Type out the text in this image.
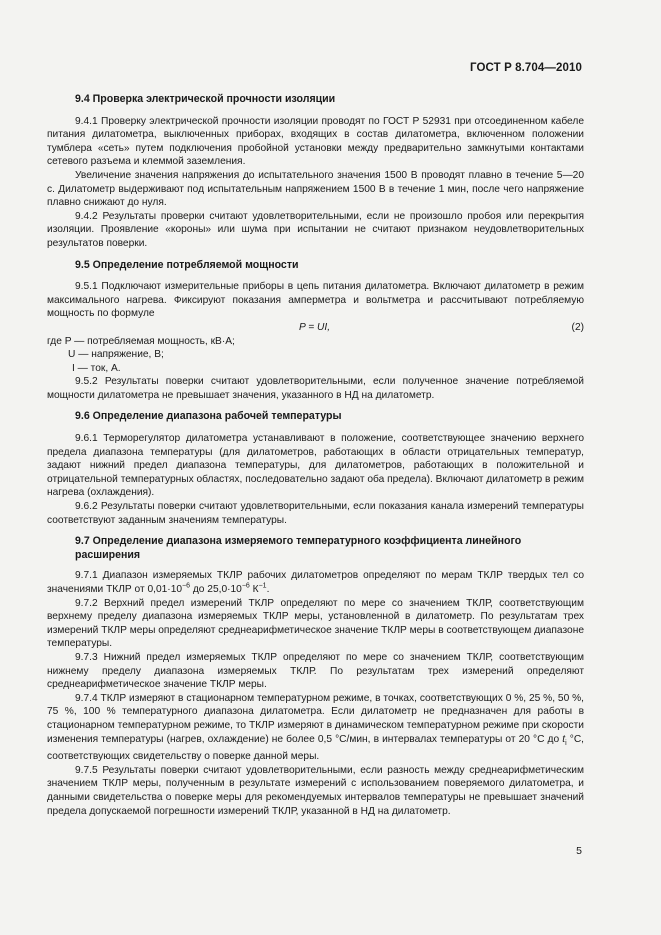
ГОСТ Р 8.704—2010
9.4 Проверка электрической прочности изоляции

9.4.1 Проверку электрической прочности изоляции проводят по ГОСТ Р 52931 при отсоединенном кабеле питания дилатометра, выключенных приборах, входящих в состав дилатометра, включенном положении тумблера «сеть» путем подключения пробойной установки между предварительно замкнутыми контактами сетевого разъема и клеммой заземления.

Увеличение значения напряжения до испытательного значения 1500 В проводят плавно в течение 5—20 с. Дилатометр выдерживают под испытательным напряжением 1500 В в течение 1 мин, после чего напряжение плавно снижают до нуля.

9.4.2 Результаты проверки считают удовлетворительными, если не произошло пробоя или перекрытия изоляции. Проявление «короны» или шума при испытании не считают признаком неудовлетворительных результатов поверки.

9.5 Определение потребляемой мощности

9.5.1 Подключают измерительные приборы в цепь питания дилатометра. Включают дилатометр в режим максимального нагрева. Фиксируют показания амперметра и вольтметра и рассчитывают потребляемую мощность по формуле

P = UI,	(2)
где P — потребляемая мощность, кВ·А;
U — напряжение, В;
I — ток, А.

9.5.2 Результаты поверки считают удовлетворительными, если полученное значение потребляемой мощности дилатометра не превышает значения, указанного в НД на дилатометр.

9.6 Определение диапазона рабочей температуры

9.6.1 Терморегулятор дилатометра устанавливают в положение, соответствующее значению верхнего предела диапазона температуры (для дилатометров, работающих в области отрицательных температур, задают нижний предел диапазона температуры, для дилатометров, работающих в положительной и отрицательной температурных областях, последовательно задают оба предела). Включают дилатометр в режим нагрева (охлаждения).

9.6.2 Результаты поверки считают удовлетворительными, если показания канала измерений температуры соответствуют заданным значениям температуры.

9.7 Определение диапазона измеряемого температурного коэффициента линейного
расширения

9.7.1 Диапазон измеряемых ТКЛР рабочих дилатометров определяют по мерам ТКЛР твердых тел со значениями ТКЛР от $0,01\cdot 10^{-6}$ до $25,0\cdot 10^{-6}$ $К^{-1}$.

9.7.2 Верхний предел измерений ТКЛР определяют по мере со значением ТКЛР, соответствующим верхнему пределу диапазона измеряемых ТКЛР меры, установленной в дилатометр. По результатам трех измерений ТКЛР меры определяют среднеарифметическое значение ТКЛР меры в соответствующем диапазоне температуры.

9.7.3 Нижний предел измеряемых ТКЛР определяют по мере со значением ТКЛР, соответствующим нижнему пределу диапазона измеряемых ТКЛР. По результатам трех измерений определяют среднеарифметическое значение ТКЛР меры.

9.7.4 ТКЛР измеряют в стационарном температурном режиме, в точках, соответствующих 0 %, 25 %, 50 %, 75 %, 100 % температурного диапазона дилатометра. Если дилатометр не предназначен для работы в стационарном температурном режиме, то ТКЛР измеряют в динамическом температурном режиме при скорости изменения температуры (нагрев, охлаждение) не более 0,5 °С/мин, в интервалах температуры от 20 °С до $t_i$ °С, соответствующих свидетельству о поверке данной меры.

9.7.5 Результаты поверки считают удовлетворительными, если разность между среднеарифметическим значением ТКЛР меры, полученным в результате измерений с использованием поверяемого дилатометра, и данными свидетельства о поверке меры для рекомендуемых интервалов температуры не превышает значений предела допускаемой погрешности измерений ТКЛР, указанной в НД на дилатометр.

5
